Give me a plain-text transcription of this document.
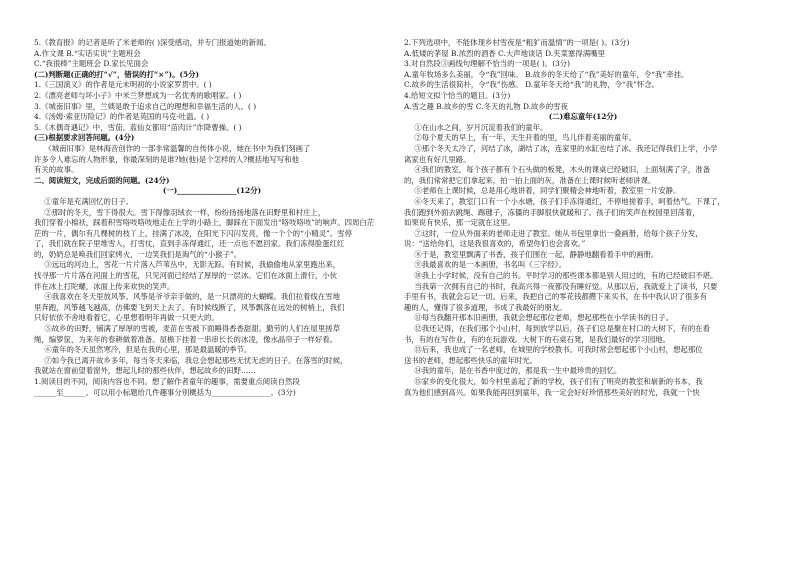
5.《教育报》的记者是听了米老师的( )深受感动，并专门报道她的新闻。

A.作文课 B.“实话实说”主题班会

C.“我很棒”主题班会 D.家长见面会

(二)判断题(正确的打“√”，错误的打“×”)。(5分)

1.《三国演义》的作者是元末明初的小说家罗贯中。( )

2.《漂亮老师与坏小子》中米兰梦想成为一名优秀的歌唱家。( )

3.《城南旧事》里，兰姨是敢于追求自己的理想和幸福生活的人。( )

4.《汤姆·索亚历险记》的作者是英国的马克·吐温。( )

5.《木偶奇遇记》中，雪茄、蓝仙女都用“苗肉计”诈降曹操。( )

(三)根据要求回答问题。(4分)

《城南旧事》是林海音创作的一部非常温馨的自传体小说，她在书中为我们刻画了

许多令人难忘的人物形象，你最深刻的是谁?她(他)是个怎样的人?概括地写写和他

有关的故事。

二、阅读短文，完成后面的问题。(24分)

(一)________________(12分)

①童年是充满回忆的日子。

②那时的冬天，雪下得很大。雪下得像羽绒衣一样，纷纷扬扬地落在田野里和村庄上，

我们穿着小棉袄，踩着积雪咯吱咯吱地走在上学的小路上，脚踩在下面发出“咯吱咯吱”的响声。四周白茫

茫的一片，偶尔有几棵树的枝丫上，挂满了冰凌，在阳光下闪闪发亮，像一个个的“小精灵”。雪停

了，我们就在院子里堆雪人，打雪仗，直到手冻得通红，还一点也不愿回家。我们冻得脸蛋红红

的，奶奶总是唤我们回家烤火，一边笑我们是淘气的“小猴子”。

③远远的河边上，雪花一片片落入芦苇丛中，无影无踪。有时候，我偷偷地从家里跑出来，

找寻那一片片落在河面上的雪花，只见河面已经结了厚厚的一层冰。它们在冰面上滑行，小伙

伴在冰上打陀螺，冰面上传来欢快的笑声。

④我喜欢在冬天里放风筝。风筝是爷爷亲手做的，是一只漂亮的大蝴蝶。我们拉着线在雪地

里奔跑，风筝越飞越高，仿佛要飞到天上去了。有时候线断了，风筝飘落在远处的树梢上，我们

只好依依不舍地看着它，心里想着明年再做一只更大的。

⑤故乡的田野，铺满了厚厚的雪被，麦苗在雪被下面睡得香香甜甜。勤劳的人们在屋里搓草

绳，编箩筐，为来年的春耕做着准备。屋檐下挂着一串串长长的冰凌，像水晶帘子一样好看。

⑥童年的冬天虽然寒冷，但是在我的心里，那是最温暖的季节。

⑦如今我已离开故乡多年，每当冬天来临，我总会想起那些无忧无虑的日子。在落雪的时候，

我就站在窗前望着窗外，想起儿时的那些伙伴，想起故乡的田野……

1.阅读目的不同，阅读内容也不同。想了解作者童年的趣事，需要重点阅读自然段

______至______。可以用小标题给几件趣事分别概括为________________。(3分)

2.下列选项中，不能体现乡村雪夜是“粗犷而温情”的一项是( )。(3分)

A.低矮的茅屋 B.浓烈的酒香 C.大声地谈话 D.夹菜塞得满嘴里

3.对自然段③画线句理解不恰当的一项是( )。(3分)

A.童年牧场多么美丽，令“我”回味。 B.故乡的冬天给了“我”美好的童年，令“我”牵挂。

C.故乡的生活很简朴，令“我”伤感。 D.童年冬天给“我”的礼物，令“我”怀念。

4.给短文拟个恰当的题目。(3分)

A.雪之趣 B.故乡的雪 C.冬天的礼物 D.故乡的雪夜

(二)难忘童年(12分)

①在山水之间，岁月沉淀着我们的童年。

②每个夏天的早上，有一年，天生开着的里，鸟儿伴着美丽的童年。

③那个冬天太冷了，河结了冰，湖结了冰，连家里的水缸也结了冰。我还记得我们上学，小学

离家也有好几里路。

④我们的教室，每个孩子都有个石头做的板凳，木头的课桌已经破旧，上面刻满了字，准备

的，我们常常把它们拿起来，拍一拍上面的灰，准备在上课时候听老师讲课。

⑤老师在上课时候，总是用心地讲着，同学们聚精会神地听着，教室里一片安静。

⑥冬天来了，教室门口有一个小水塘，孩子们手冻得通红，不停地搓着手，呵着热气。下课了，

我们跑到外面去跳绳、踢毽子，冻僵的手脚很快就暖和了。孩子们的笑声在校园里回荡着，

如果说有快乐，那一定就在这里。

⑦这时，一位从外面来的老师走进了教室。她从书包里拿出一叠画册，给每个孩子分发，

说：“送给你们，这是我很喜欢的，希望你们也会喜欢。”

⑧于是，教室里飘满了书香，孩子们围在一起，静静地翻看着手中的画册。

⑨我最喜欢的是一本画册，书名叫《三字经》。

⑩我上小学时候，没有自己的书。平时学习的那些课本都是别人用过的，有的已经破旧不堪。

当我第一次拥有自己的书时，我高兴得一夜都没有睡好觉。从那以后，我就爱上了读书，只要

手里有书，我就会忘记一切。后来，我把自己的零花钱都攒下来买书，在书中我认识了很多有

趣的人，懂得了很多道理，书成了我最好的朋友。

⑪每当我翻开那本旧画册，我就会想起那位老师，想起那些在小学读书的日子。

⑫我还记得，在我们那个小山村，每到放学以后，孩子们总是聚在村口的大树下，有的在看

书，有的在写作业，有的在玩游戏。大树下的石桌石凳，是我们最好的学习园地。

⑬后来，我也成了一名老师，在城里的学校教书。可我时常会想起那个小山村，想起那位

送书的老师，想起那些快乐的童年时光。

⑭我的童年，是在书香中度过的，那是我一生中最珍贵的回忆。

⑮家乡的变化很大，如今村里盖起了新的学校，孩子们有了明亮的教室和崭新的书本，我

真为他们感到高兴。如果我能再回到童年，我一定会好好珍惜那些美好的时光，我就一个快
